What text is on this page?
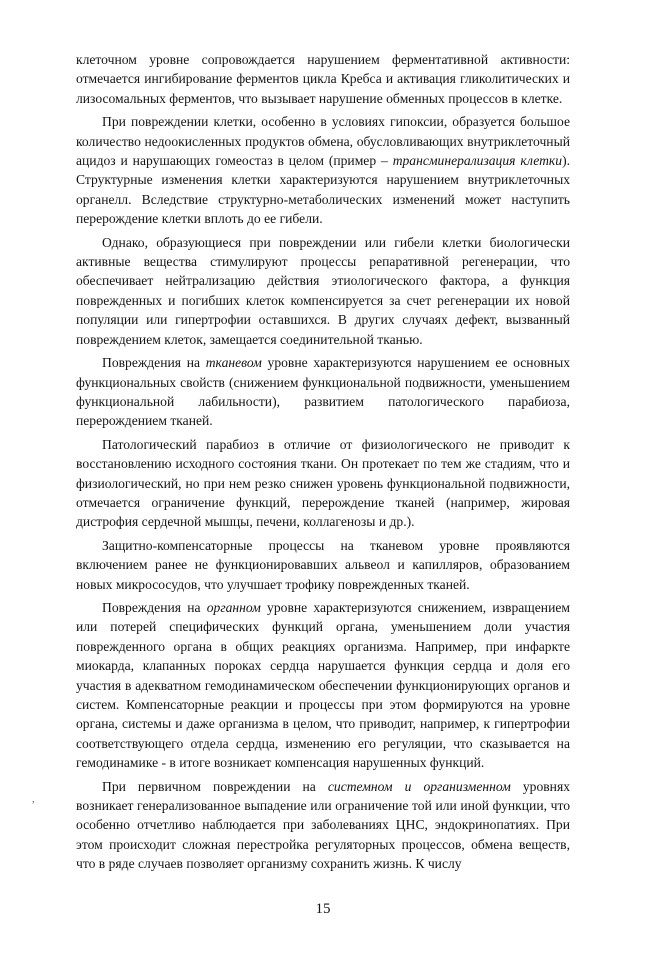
клеточном уровне сопровождается нарушением ферментативной активности: отмечается ингибирование ферментов цикла Кребса и активация гликолитических и лизосомальных ферментов, что вызывает нарушение обменных процессов в клетке.

При повреждении клетки, особенно в условиях гипоксии, образуется большое количество недоокисленных продуктов обмена, обусловливающих внутриклеточный ацидоз и нарушающих гомеостаз в целом (пример – трансминерализация клетки). Структурные изменения клетки характеризуются нарушением внутриклеточных органелл. Вследствие структурно-метаболических изменений может наступить перерождение клетки вплоть до ее гибели.

Однако, образующиеся при повреждении или гибели клетки биологически активные вещества стимулируют процессы репаративной регенерации, что обеспечивает нейтрализацию действия этиологического фактора, а функция поврежденных и погибших клеток компенсируется за счет регенерации их новой популяции или гипертрофии оставшихся. В других случаях дефект, вызванный повреждением клеток, замещается соединительной тканью.

Повреждения на тканевом уровне характеризуются нарушением ее основных функциональных свойств (снижением функциональной подвижности, уменьшением функциональной лабильности), развитием патологического парабиоза, перерождением тканей.

Патологический парабиоз в отличие от физиологического не приводит к восстановлению исходного состояния ткани. Он протекает по тем же стадиям, что и физиологический, но при нем резко снижен уровень функциональной подвижности, отмечается ограничение функций, перерождение тканей (например, жировая дистрофия сердечной мышцы, печени, коллагенозы и др.).

Защитно-компенсаторные процессы на тканевом уровне проявляются включением ранее не функционировавших альвеол и капилляров, образованием новых микрососудов, что улучшает трофику поврежденных тканей.

Повреждения на органном уровне характеризуются снижением, извращением или потерей специфических функций органа, уменьшением доли участия поврежденного органа в общих реакциях организма. Например, при инфаркте миокарда, клапанных пороках сердца нарушается функция сердца и доля его участия в адекватном гемодинамическом обеспечении функционирующих органов и систем. Компенсаторные реакции и процессы при этом формируются на уровне органа, системы и даже организма в целом, что приводит, например, к гипертрофии соответствующего отдела сердца, изменению его регуляции, что сказывается на гемодинамике - в итоге возникает компенсация нарушенных функций.

При первичном повреждении на системном и организменном уровнях возникает генерализованное выпадение или ограничение той или иной функции, что особенно отчетливо наблюдается при заболеваниях ЦНС, эндокринопатиях. При этом происходит сложная перестройка регуляторных процессов, обмена веществ, что в ряде случаев позволяет организму сохранить жизнь. К числу

,
15
